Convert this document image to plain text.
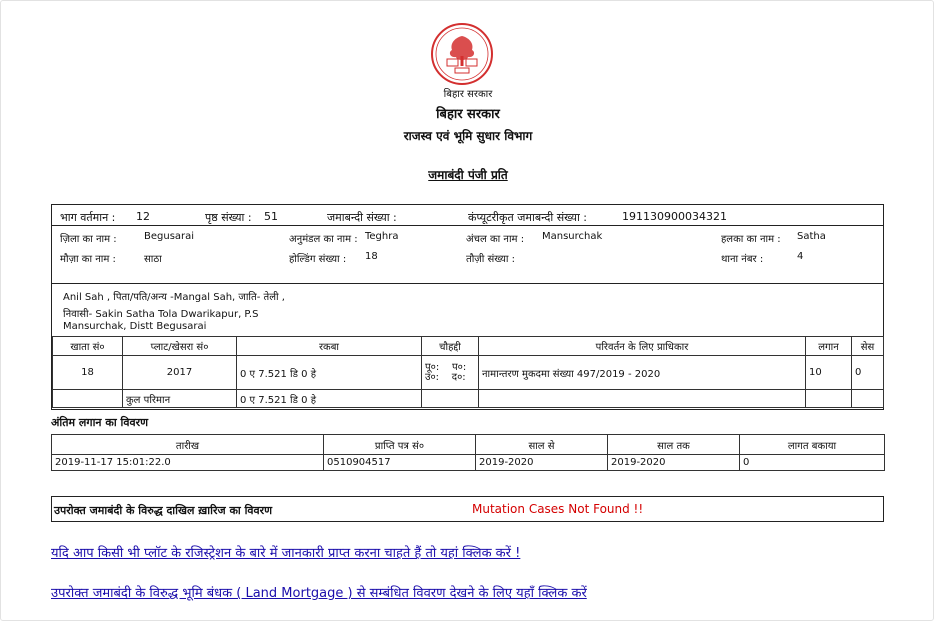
बिहार सरकार
बिहार सरकार
राजस्व एवं भूमि सुधार विभाग
जमाबंदी पंजी प्रति
भाग वर्तमान : 12	पृष्ठ संख्या : 51	जमाबन्दी संख्या :	कंप्यूटरीकृत जमाबन्दी संख्या :	191130900034321
ज़िला का नाम :	Begusarai	अनुमंडल का नाम : Teghra	अंचल का नाम : Mansurchak	हलका का नाम : Satha
मौज़ा का नाम :	साठा	होल्डिंग संख्या : 18	तौज़ी संख्या :	थाना नंबर :	4
Anil Sah , पिता/पति/अन्य -Mangal Sah, जाति- तेली ,
निवासी- Sakin Satha Tola Dwarikapur, P.S
Mansurchak, Distt Begusarai
खाता सं०	प्लाट/खेसरा सं०	रकबा	चौहद्दी	परिवर्तन के लिए प्राधिकार	लगान	सेस
18	2017	0 ए 7.521 डि 0 हे	पू०: प०:
उ०: द०:	नामान्तरण मुकदमा संख्या 497/2019 - 2020	10	0
	कुल परिमान	0 ए 7.521 डि 0 हे				
अंतिम लगान का विवरण
तारीख	प्राप्ति पत्र सं०	साल से	साल तक	लागत बकाया
2019-11-17 15:01:22.0	0510904517	2019-2020	2019-2020	0
उपरोक्त जमाबंदी के विरुद्ध दाखिल ख़ारिज का विवरण	Mutation Cases Not Found !!
यदि आप किसी भी प्लॉट के रजिस्ट्रेशन के बारे में जानकारी प्राप्त करना चाहते हैं तो यहां क्लिक करें !
उपरोक्त जमाबंदी के विरुद्ध भूमि बंधक ( Land Mortgage ) से सम्बंधित विवरण देखने के लिए यहाँ क्लिक करें
